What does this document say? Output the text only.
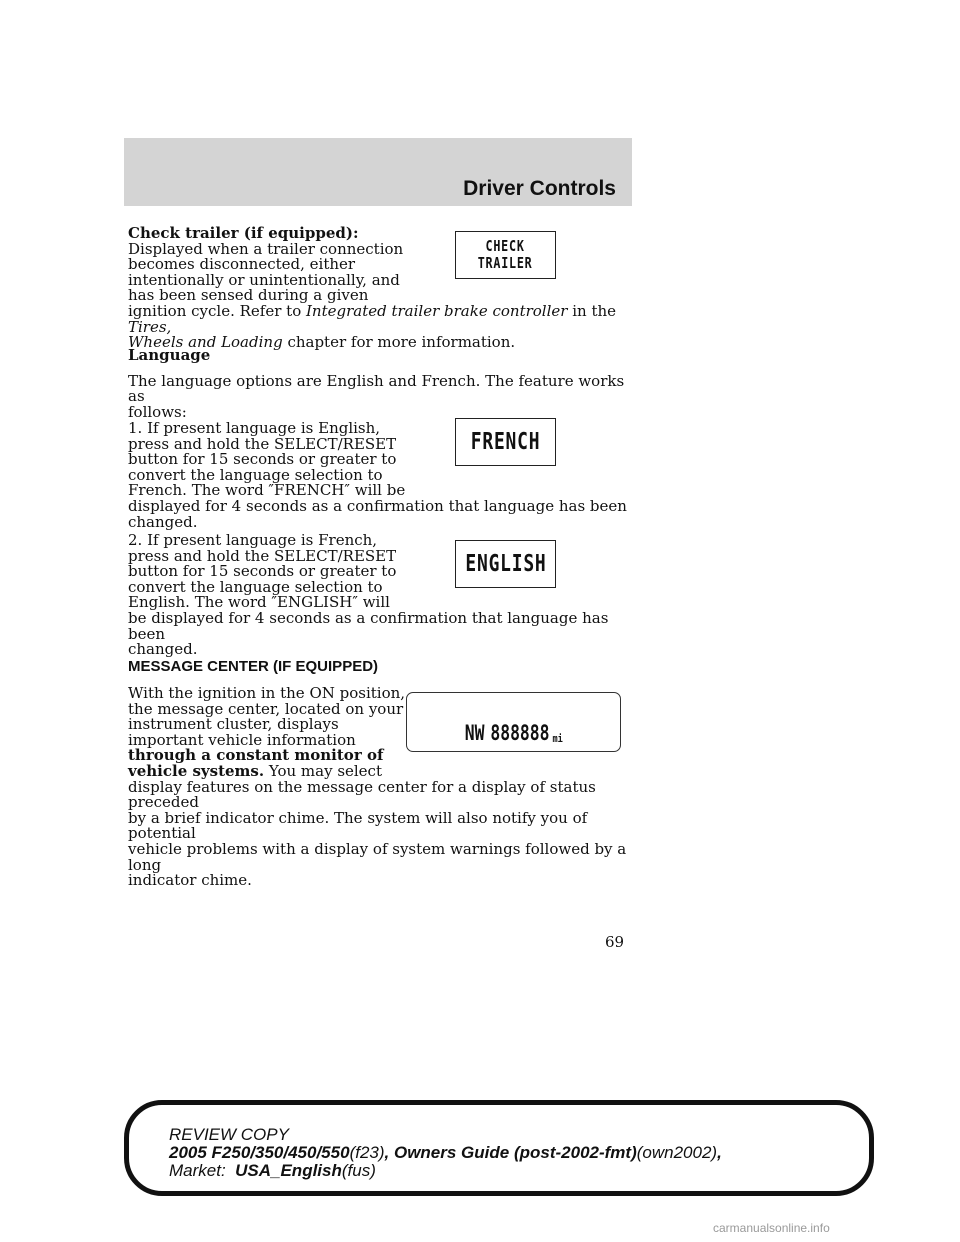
Driver Controls
Check trailer (if equipped):
Displayed when a trailer connection
becomes disconnected, either
intentionally or unintentionally, and
has been sensed during a given
ignition cycle. Refer to Integrated trailer brake controller in the Tires,
Wheels and Loading chapter for more information.
CHECK
TRAILER
Language
The language options are English and French. The feature works as
follows:
1. If present language is English,
press and hold the SELECT/RESET
button for 15 seconds or greater to
convert the language selection to
French. The word ″FRENCH″ will be
displayed for 4 seconds as a confirmation that language has been
changed.
FRENCH
2. If present language is French,
press and hold the SELECT/RESET
button for 15 seconds or greater to
convert the language selection to
English. The word ″ENGLISH″ will
be displayed for 4 seconds as a confirmation that language has been
changed.
ENGLISH
MESSAGE CENTER (IF EQUIPPED)
With the ignition in the ON position,
the message center, located on your
instrument cluster, displays
important vehicle information
through a constant monitor of
vehicle systems. You may select
display features on the message center for a display of status preceded
by a brief indicator chime. The system will also notify you of potential
vehicle problems with a display of system warnings followed by a long
indicator chime.
NW 888888 mi
69
REVIEW COPY
2005 F250/350/450/550(f23), Owners Guide (post-2002-fmt)(own2002),
Market:  USA_English(fus)
carmanualsonline.info
